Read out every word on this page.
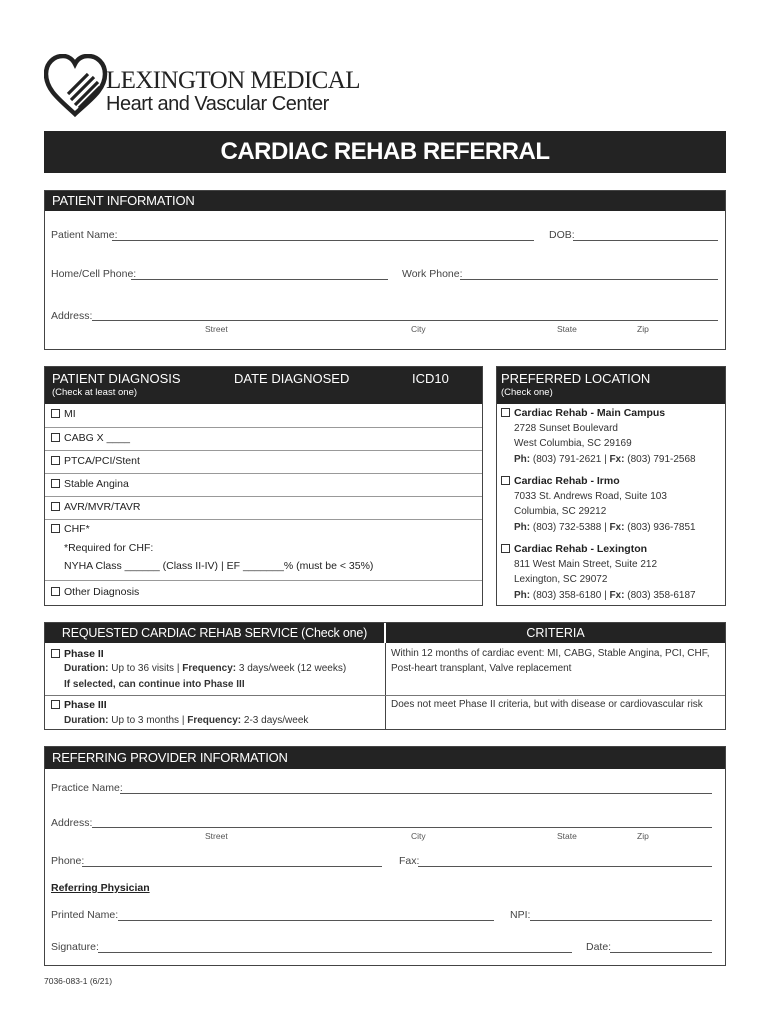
LEXINGTON MEDICAL
Heart and Vascular Center
CARDIAC REHAB REFERRAL
PATIENT INFORMATION
Patient Name:	DOB:
Home/Cell Phone:	Work Phone:
Address:
Street	City	State	Zip
PATIENT DIAGNOSIS
(Check at least one)
DATE DIAGNOSED	ICD10
MI
CABG X ____
PTCA/PCI/Stent
Stable Angina
AVR/MVR/TAVR
CHF*
*Required for CHF:
NYHA Class ______ (Class II-IV) | EF _______% (must be < 35%)
Other Diagnosis
PREFERRED LOCATION
(Check one)
Cardiac Rehab - Main Campus
2728 Sunset Boulevard
West Columbia, SC 29169
Ph: (803) 791-2621 | Fx: (803) 791-2568
Cardiac Rehab - Irmo
7033 St. Andrews Road, Suite 103
Columbia, SC 29212
Ph: (803) 732-5388 | Fx: (803) 936-7851
Cardiac Rehab - Lexington
811 West Main Street, Suite 212
Lexington, SC 29072
Ph: (803) 358-6180 | Fx: (803) 358-6187
REQUESTED CARDIAC REHAB SERVICE (Check one)	CRITERIA
Phase II
Duration: Up to 36 visits | Frequency: 3 days/week (12 weeks)
If selected, can continue into Phase III
Within 12 months of cardiac event: MI, CABG, Stable Angina, PCI, CHF,
Post-heart transplant, Valve replacement
Phase III
Duration: Up to 3 months | Frequency: 2-3 days/week
Does not meet Phase II criteria, but with disease or cardiovascular risk
REFERRING PROVIDER INFORMATION
Practice Name:
Address:
Street	City	State	Zip
Phone:	Fax:
Referring Physician
Printed Name:	NPI:
Signature:	Date:
7036-083-1 (6/21)
